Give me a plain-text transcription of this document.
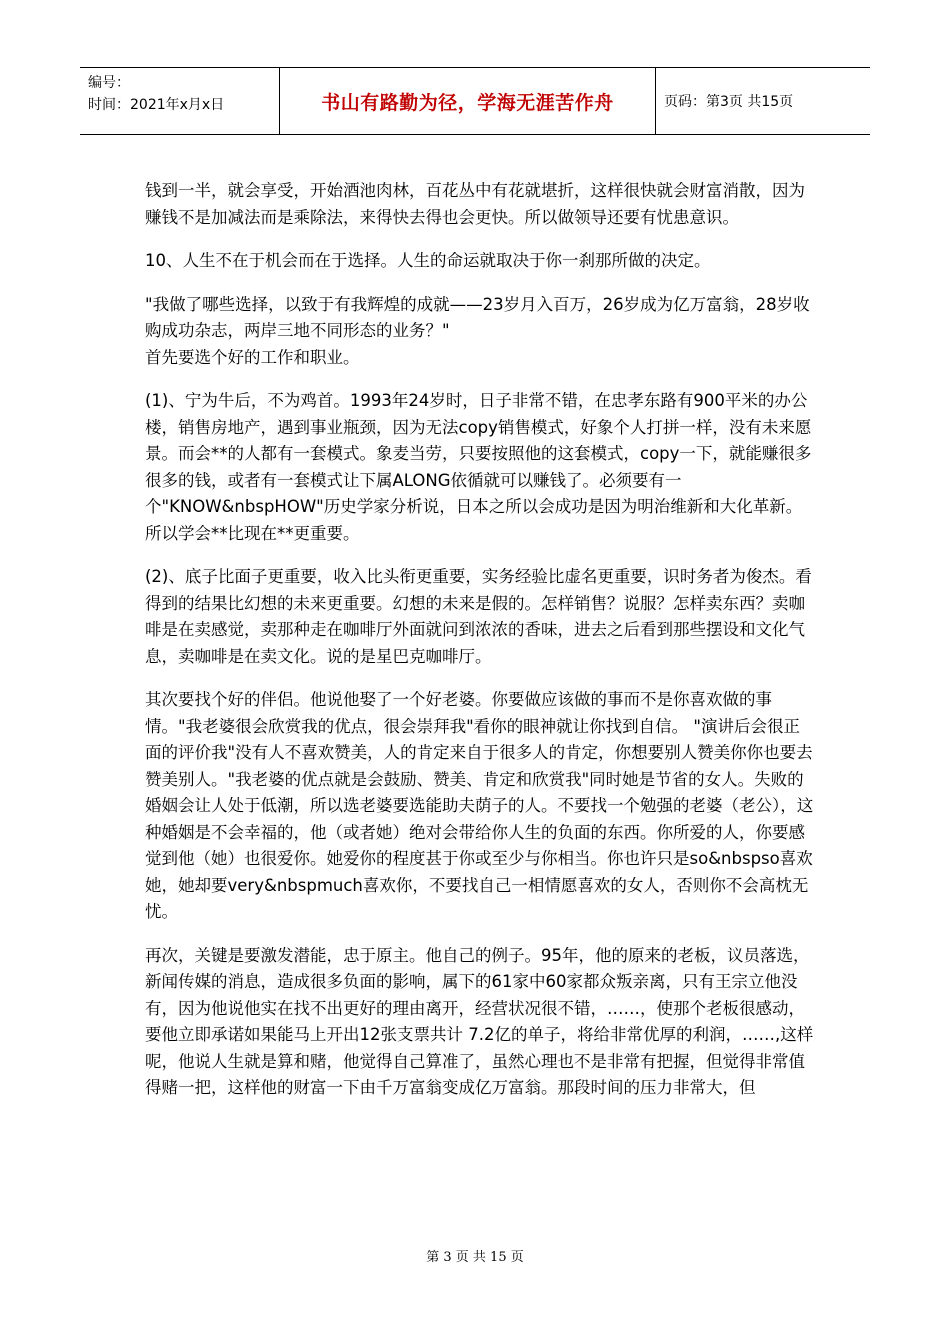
编号：
时间：2021年x月x日	书山有路勤为径，学海无涯苦作舟	页码：第3页 共15页

钱到一半，就会享受，开始酒池肉林，百花丛中有花就堪折，这样很快就会财富消散，因为赚钱不是加减法而是乘除法，来得快去得也会更快。所以做领导还要有忧患意识。

10、人生不在于机会而在于选择。人生的命运就取决于你一刹那所做的决定。

"我做了哪些选择，以致于有我辉煌的成就——23岁月入百万，26岁成为亿万富翁，28岁收购成功杂志，两岸三地不同形态的业务？"

首先要选个好的工作和职业。

(1)、宁为牛后，不为鸡首。1993年24岁时，日子非常不错，在忠孝东路有900平米的办公楼，销售房地产，遇到事业瓶颈，因为无法copy销售模式，好象个人打拼一样，没有未来愿景。而会**的人都有一套模式。象麦当劳，只要按照他的这套模式，copy一下，就能赚很多很多的钱，或者有一套模式让下属ALONG依循就可以赚钱了。必须要有一个"KNOW&nbspHOW"历史学家分析说，日本之所以会成功是因为明治维新和大化革新。所以学会**比现在**更重要。

(2)、底子比面子更重要，收入比头衔更重要，实务经验比虚名更重要，识时务者为俊杰。看得到的结果比幻想的未来更重要。幻想的未来是假的。怎样销售？说服？怎样卖东西？卖咖啡是在卖感觉，卖那种走在咖啡厅外面就问到浓浓的香味，进去之后看到那些摆设和文化气息，卖咖啡是在卖文化。说的是星巴克咖啡厅。

其次要找个好的伴侣。他说他娶了一个好老婆。你要做应该做的事而不是你喜欢做的事情。"我老婆很会欣赏我的优点，很会崇拜我"看你的眼神就让你找到自信。 "演讲后会很正面的评价我"没有人不喜欢赞美，人的肯定来自于很多人的肯定，你想要别人赞美你你也要去赞美别人。"我老婆的优点就是会鼓励、赞美、肯定和欣赏我"同时她是节省的女人。失败的婚姻会让人处于低潮，所以选老婆要选能助夫荫子的人。不要找一个勉强的老婆（老公），这种婚姻是不会幸福的，他（或者她）绝对会带给你人生的负面的东西。你所爱的人，你要感觉到他（她）也很爱你。她爱你的程度甚于你或至少与你相当。你也许只是so&nbspso喜欢她，她却要very&nbspmuch喜欢你，不要找自己一相情愿喜欢的女人，否则你不会高枕无忧。

再次，关键是要激发潜能，忠于原主。他自己的例子。95年，他的原来的老板，议员落选，新闻传媒的消息，造成很多负面的影响，属下的61家中60家都众叛亲离，只有王宗立他没有，因为他说他实在找不出更好的理由离开，经营状况很不错，……，使那个老板很感动，要他立即承诺如果能马上开出12张支票共计 7.2亿的单子，将给非常优厚的利润，……,这样呢，他说人生就是算和赌，他觉得自己算准了，虽然心理也不是非常有把握，但觉得非常值得赌一把，这样他的财富一下由千万富翁变成亿万富翁。那段时间的压力非常大，但

第 3 页 共 15 页
